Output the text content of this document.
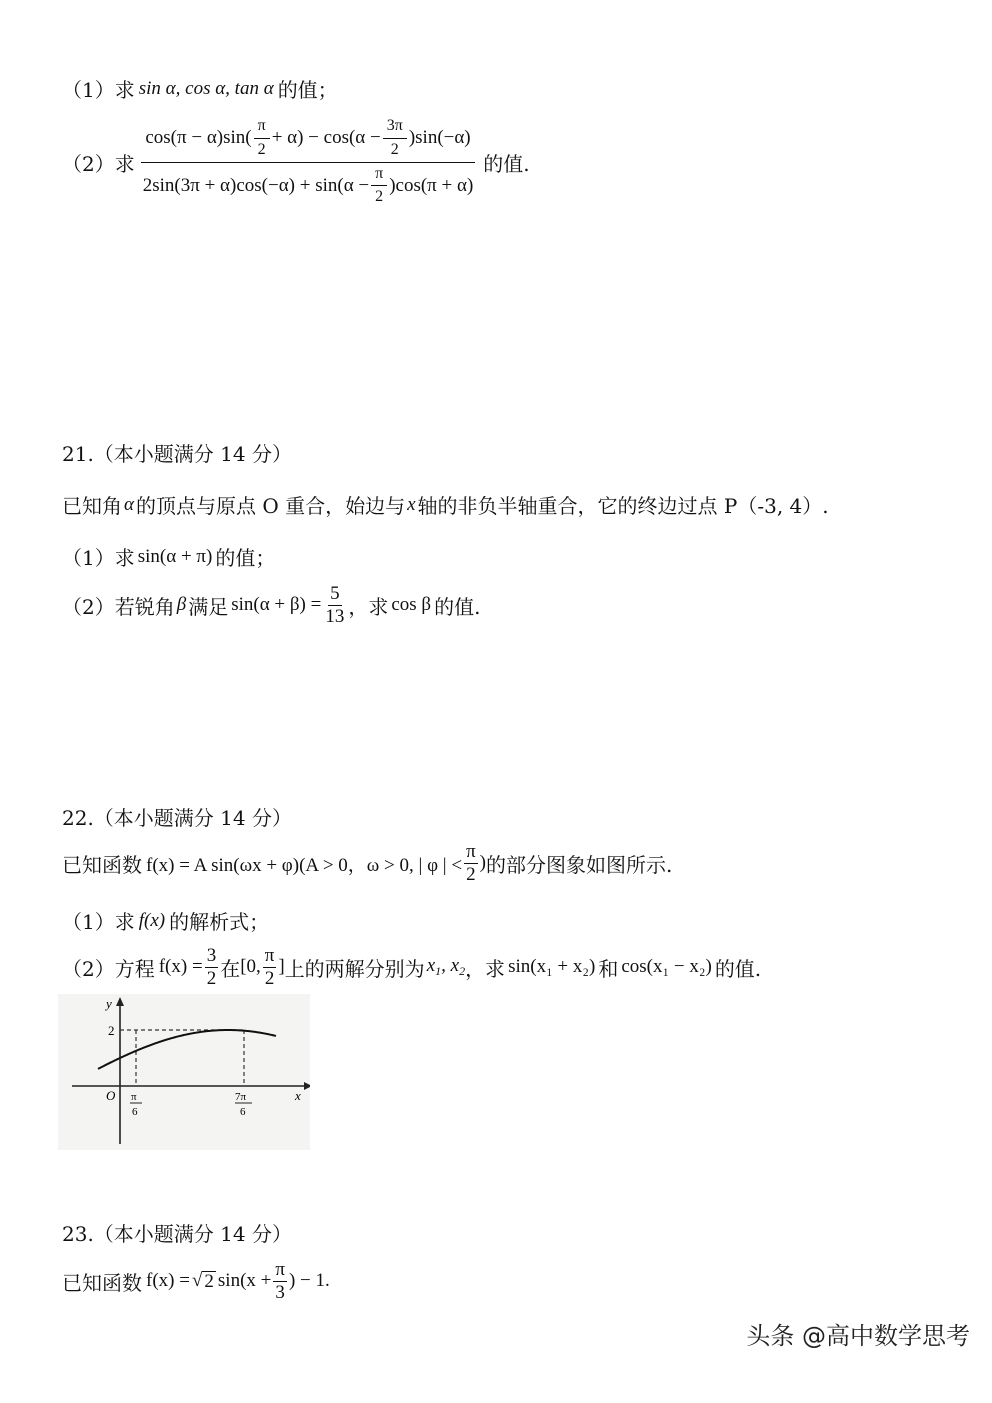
（1）求 sin α, cos α, tan α 的值；
（2）求
$\cos(\pi - \alpha)\sin( \frac{\pi}{2} + \alpha) - \cos(\alpha - \frac{3\pi}{2} )\sin(-\alpha)$
$2\sin(3\pi + \alpha)\cos(-\alpha) + \sin(\alpha - \frac{\pi}{2} )\cos(\pi + \alpha)$
的值.
21.（本小题满分 14 分）
已知角 α 的顶点与原点 O 重合，始边与 x 轴的非负半轴重合，它的终边过点 P（-3, 4）.
（1）求 sin(α + π) 的值；
（2）若锐角 β 满足 $\sin(\alpha + \beta) = \frac{5}{13}$ ，求 cos β 的值.
22.（本小题满分 14 分）
已知函数 f(x) = A sin(ωx + φ)(A > 0，ω > 0, | φ | < $\frac{\pi}{2}$ ) 的部分图象如图所示.
（1）求 f(x) 的解析式；
（2）方程 $f(x) = \frac{3}{2}$ 在 [0, $\frac{\pi}{2}$ ] 上的两解分别为 $x_1$, $x_2$ ，求 sin(x₁ + x₂) 和 cos(x₁ − x₂) 的值.
y
x
O
2
π
6
7π
6
23.（本小题满分 14 分）
已知函数 f(x) = √ 2 $\sin(x + \frac{\pi}{3}$ ) − 1.
头条 @高中数学思考
